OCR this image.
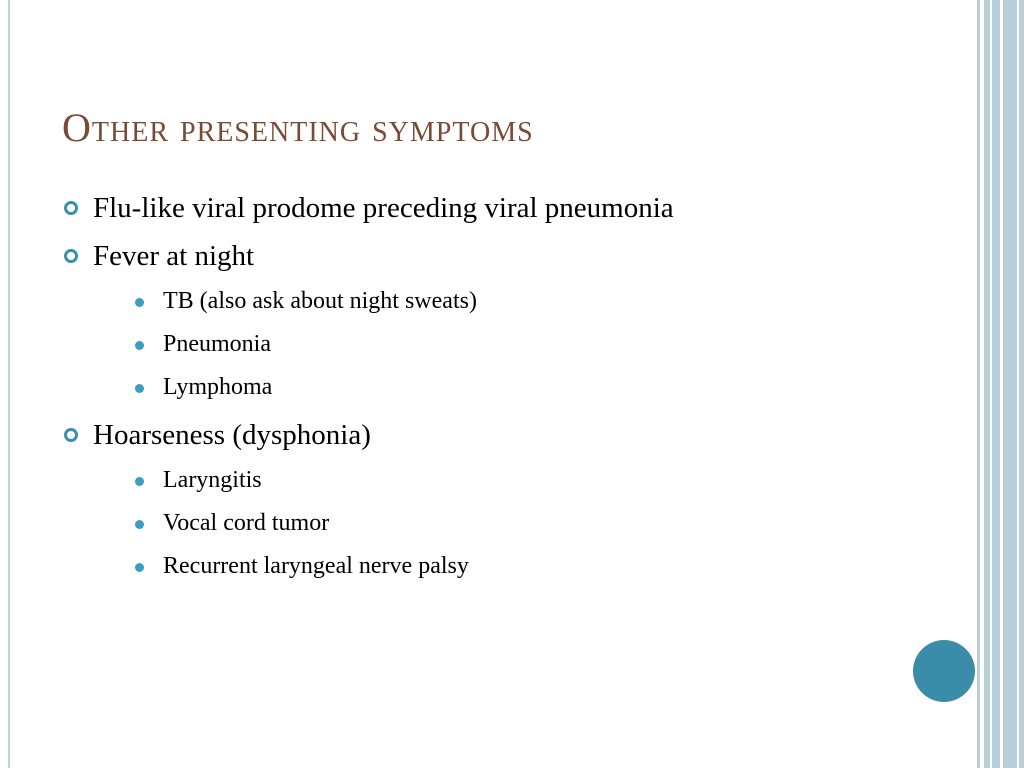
Other presenting symptoms
Flu-like viral prodome preceding viral pneumonia
Fever at night
TB (also ask about night sweats)
Pneumonia
Lymphoma
Hoarseness (dysphonia)
Laryngitis
Vocal cord tumor
Recurrent laryngeal nerve palsy
